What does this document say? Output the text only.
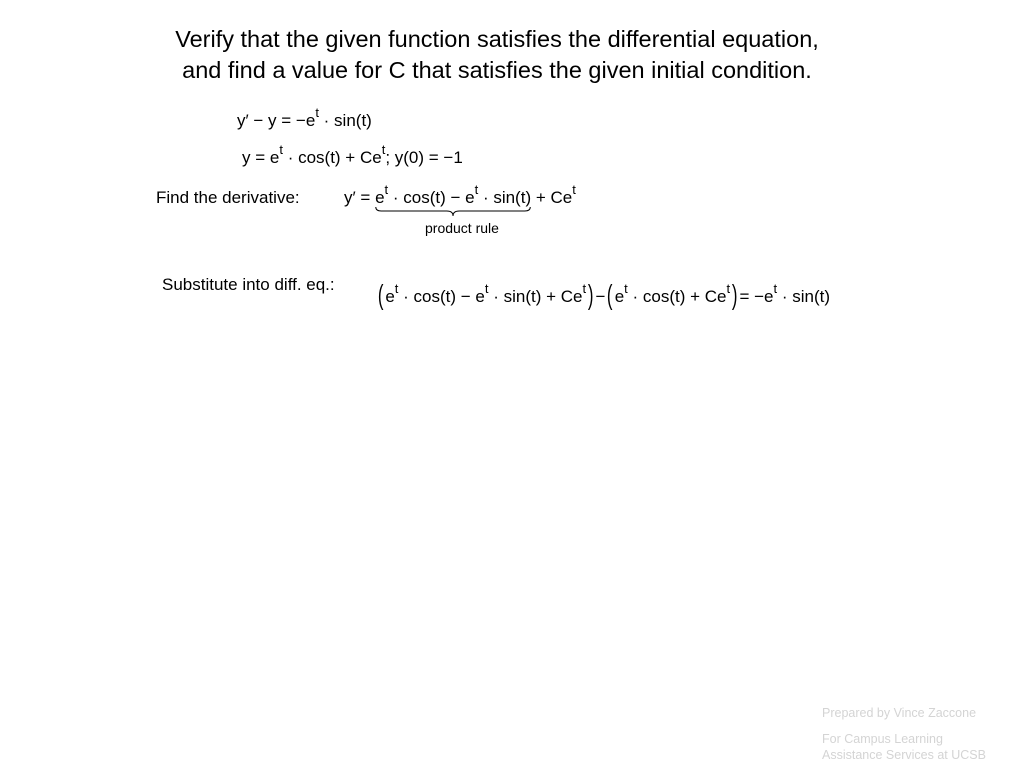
Verify that the given function satisfies the differential equation,
and find a value for C that satisfies the given initial condition.
$y' - y = -e^t \cdot \sin(t)$
$y = e^t \cdot \cos(t) + Ce^t$; y(0) = −1
Find the derivative:	$y' = e^t \cdot \cos(t) - e^t \cdot \sin(t)$
+ $Ce^t$
product rule
Substitute into diff. eq.: ( $e^t \cdot \cos(t) - e^t \cdot \sin(t) + Ce^t$) −( $e^t \cdot \cos(t) + Ce^t) = -e^t \cdot \sin(t)$
Prepared by Vince Zaccone
For Campus Learning
Assistance Services at UCSB
